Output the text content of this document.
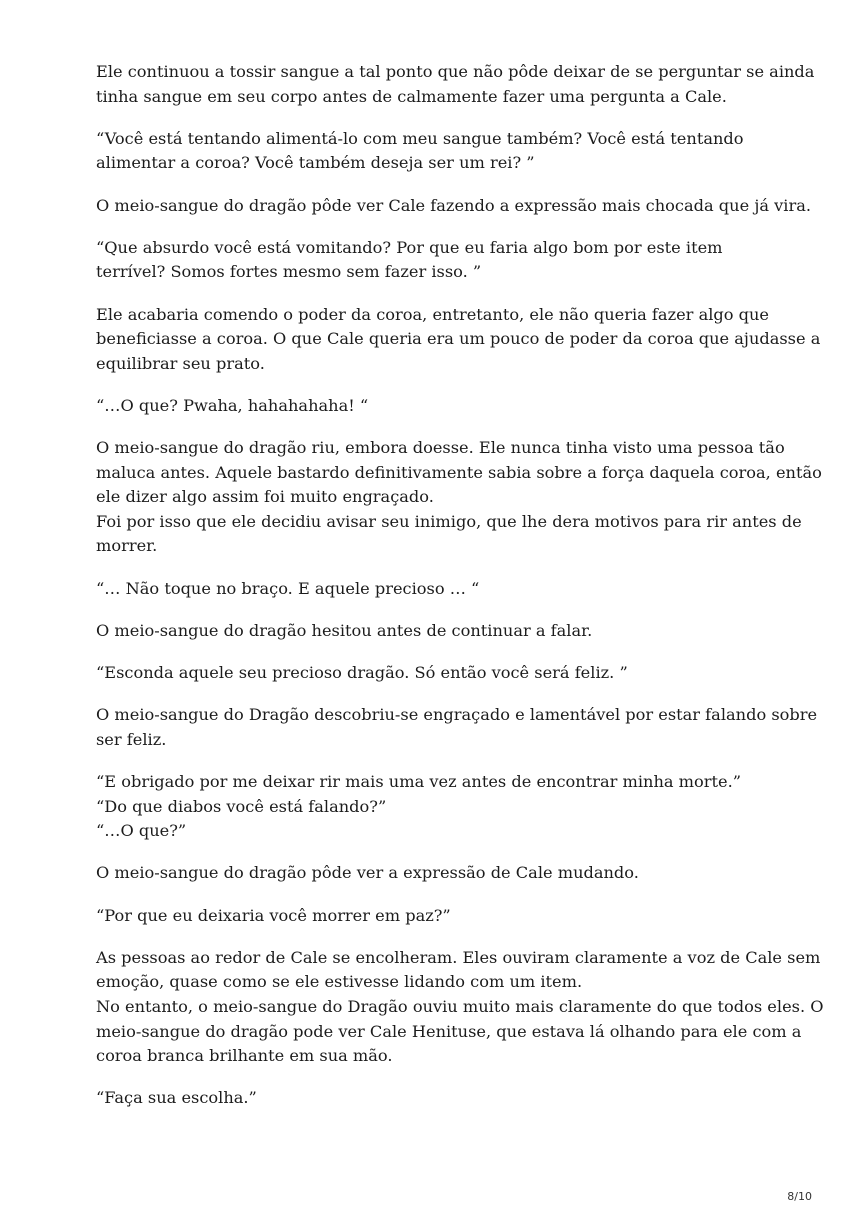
Ele continuou a tossir sangue a tal ponto que não pôde deixar de se perguntar se ainda
tinha sangue em seu corpo antes de calmamente fazer uma pergunta a Cale.

“Você está tentando alimentá-lo com meu sangue também? Você está tentando
alimentar a coroa? Você também deseja ser um rei? ”

O meio-sangue do dragão pôde ver Cale fazendo a expressão mais chocada que já vira.

“Que absurdo você está vomitando? Por que eu faria algo bom por este item
terrível? Somos fortes mesmo sem fazer isso. ”

Ele acabaria comendo o poder da coroa, entretanto, ele não queria fazer algo que
beneficiasse a coroa. O que Cale queria era um pouco de poder da coroa que ajudasse a
equilibrar seu prato.

“…O que? Pwaha, hahahahaha! “

O meio-sangue do dragão riu, embora doesse. Ele nunca tinha visto uma pessoa tão
maluca antes. Aquele bastardo definitivamente sabia sobre a força daquela coroa, então
ele dizer algo assim foi muito engraçado.
Foi por isso que ele decidiu avisar seu inimigo, que lhe dera motivos para rir antes de
morrer.

“… Não toque no braço. E aquele precioso … “

O meio-sangue do dragão hesitou antes de continuar a falar.

“Esconda aquele seu precioso dragão. Só então você será feliz. ”

O meio-sangue do Dragão descobriu-se engraçado e lamentável por estar falando sobre
ser feliz.

“E obrigado por me deixar rir mais uma vez antes de encontrar minha morte.”
“Do que diabos você está falando?”
“…O que?”

O meio-sangue do dragão pôde ver a expressão de Cale mudando.

“Por que eu deixaria você morrer em paz?”

As pessoas ao redor de Cale se encolheram. Eles ouviram claramente a voz de Cale sem
emoção, quase como se ele estivesse lidando com um item.
No entanto, o meio-sangue do Dragão ouviu muito mais claramente do que todos eles. O
meio-sangue do dragão pode ver Cale Henituse, que estava lá olhando para ele com a
coroa branca brilhante em sua mão.

“Faça sua escolha.”

8/10
